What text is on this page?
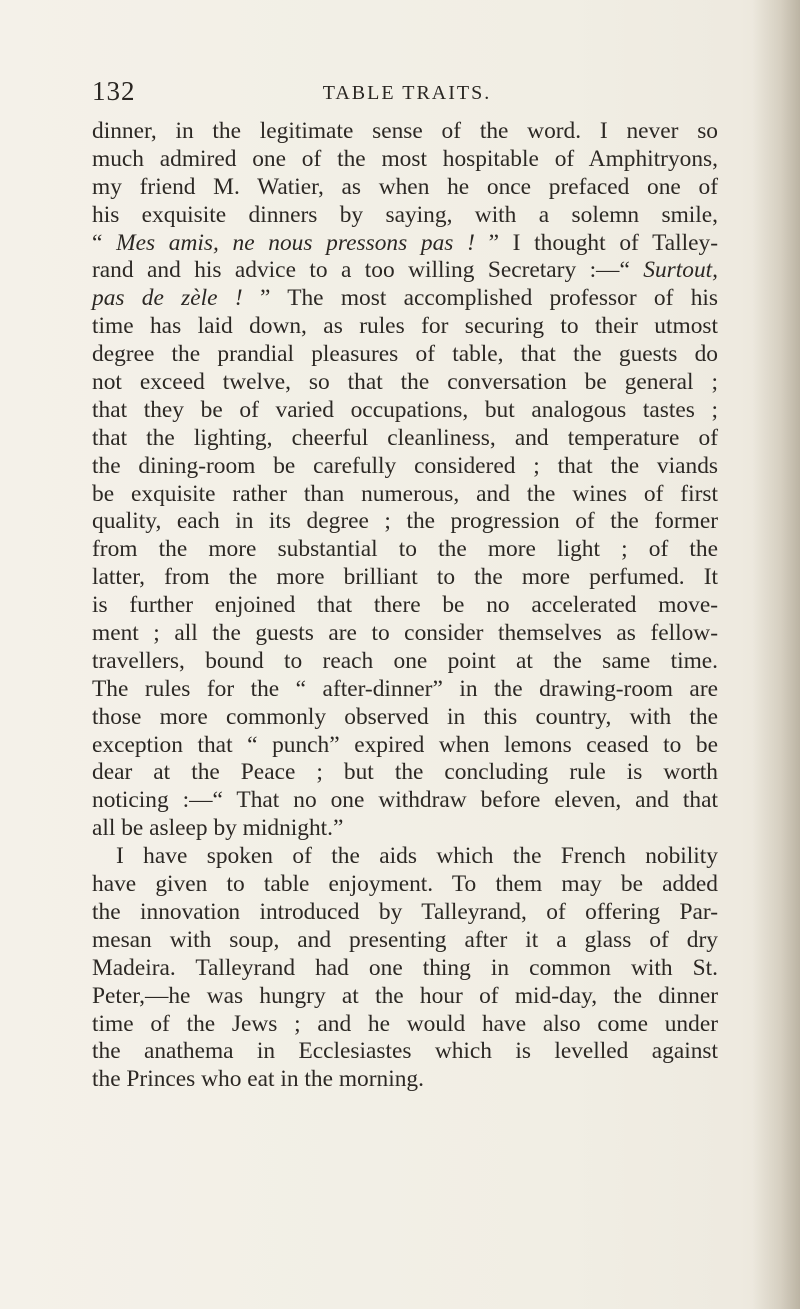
132	TABLE TRAITS.
dinner, in the legitimate sense of the word. I never so
much admired one of the most hospitable of Amphitryons,
my friend M. Watier, as when he once prefaced one of
his exquisite dinners by saying, with a solemn smile,
“ Mes amis, ne nous pressons pas ! ” I thought of Talley-
rand and his advice to a too willing Secretary :—“ Surtout,
pas de zèle ! ” The most accomplished professor of his
time has laid down, as rules for securing to their utmost
degree the prandial pleasures of table, that the guests do
not exceed twelve, so that the conversation be general ;
that they be of varied occupations, but analogous tastes ;
that the lighting, cheerful cleanliness, and temperature of
the dining-room be carefully considered ; that the viands
be exquisite rather than numerous, and the wines of first
quality, each in its degree ; the progression of the former
from the more substantial to the more light ; of the
latter, from the more brilliant to the more perfumed. It
is further enjoined that there be no accelerated move-
ment ; all the guests are to consider themselves as fellow-
travellers, bound to reach one point at the same time.
The rules for the “ after-dinner” in the drawing-room are
those more commonly observed in this country, with the
exception that “ punch” expired when lemons ceased to be
dear at the Peace ; but the concluding rule is worth
noticing :—“ That no one withdraw before eleven, and that
all be asleep by midnight.”
I have spoken of the aids which the French nobility
have given to table enjoyment. To them may be added
the innovation introduced by Talleyrand, of offering Par-
mesan with soup, and presenting after it a glass of dry
Madeira. Talleyrand had one thing in common with St.
Peter,—he was hungry at the hour of mid-day, the dinner
time of the Jews ; and he would have also come under
the anathema in Ecclesiastes which is levelled against
the Princes who eat in the morning.
